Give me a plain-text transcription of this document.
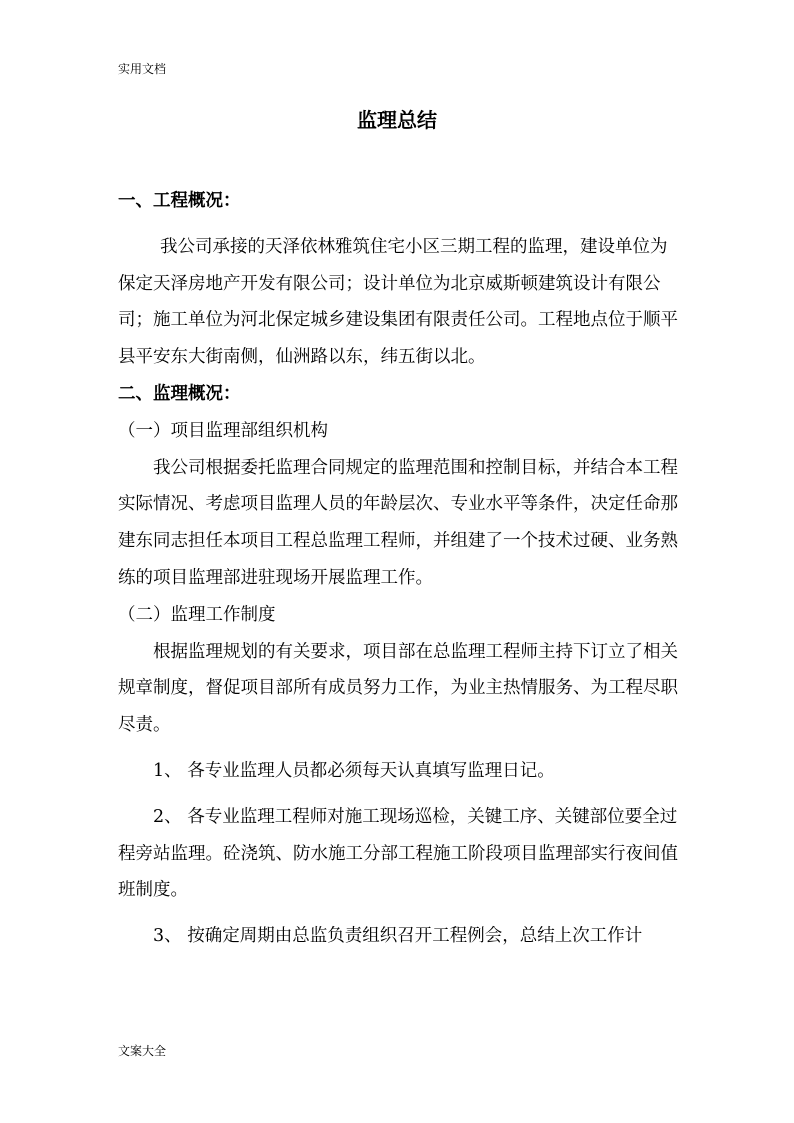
实用文档
监理总结

一、工程概况：

我公司承接的天泽依林雅筑住宅小区三期工程的监理，建设单位为保定天泽房地产开发有限公司；设计单位为北京威斯顿建筑设计有限公司；施工单位为河北保定城乡建设集团有限责任公司。工程地点位于顺平县平安东大街南侧，仙洲路以东，纬五街以北。

二、监理概况：

（一）项目监理部组织机构

我公司根据委托监理合同规定的监理范围和控制目标，并结合本工程实际情况、考虑项目监理人员的年龄层次、专业水平等条件，决定任命那建东同志担任本项目工程总监理工程师，并组建了一个技术过硬、业务熟练的项目监理部进驻现场开展监理工作。

（二）监理工作制度

根据监理规划的有关要求，项目部在总监理工程师主持下订立了相关规章制度，督促项目部所有成员努力工作，为业主热情服务、为工程尽职尽责。

1、 各专业监理人员都必须每天认真填写监理日记。

2、 各专业监理工程师对施工现场巡检，关键工序、关键部位要全过程旁站监理。砼浇筑、防水施工分部工程施工阶段项目监理部实行夜间值班制度。

3、 按确定周期由总监负责组织召开工程例会，总结上次工作计

文案大全
